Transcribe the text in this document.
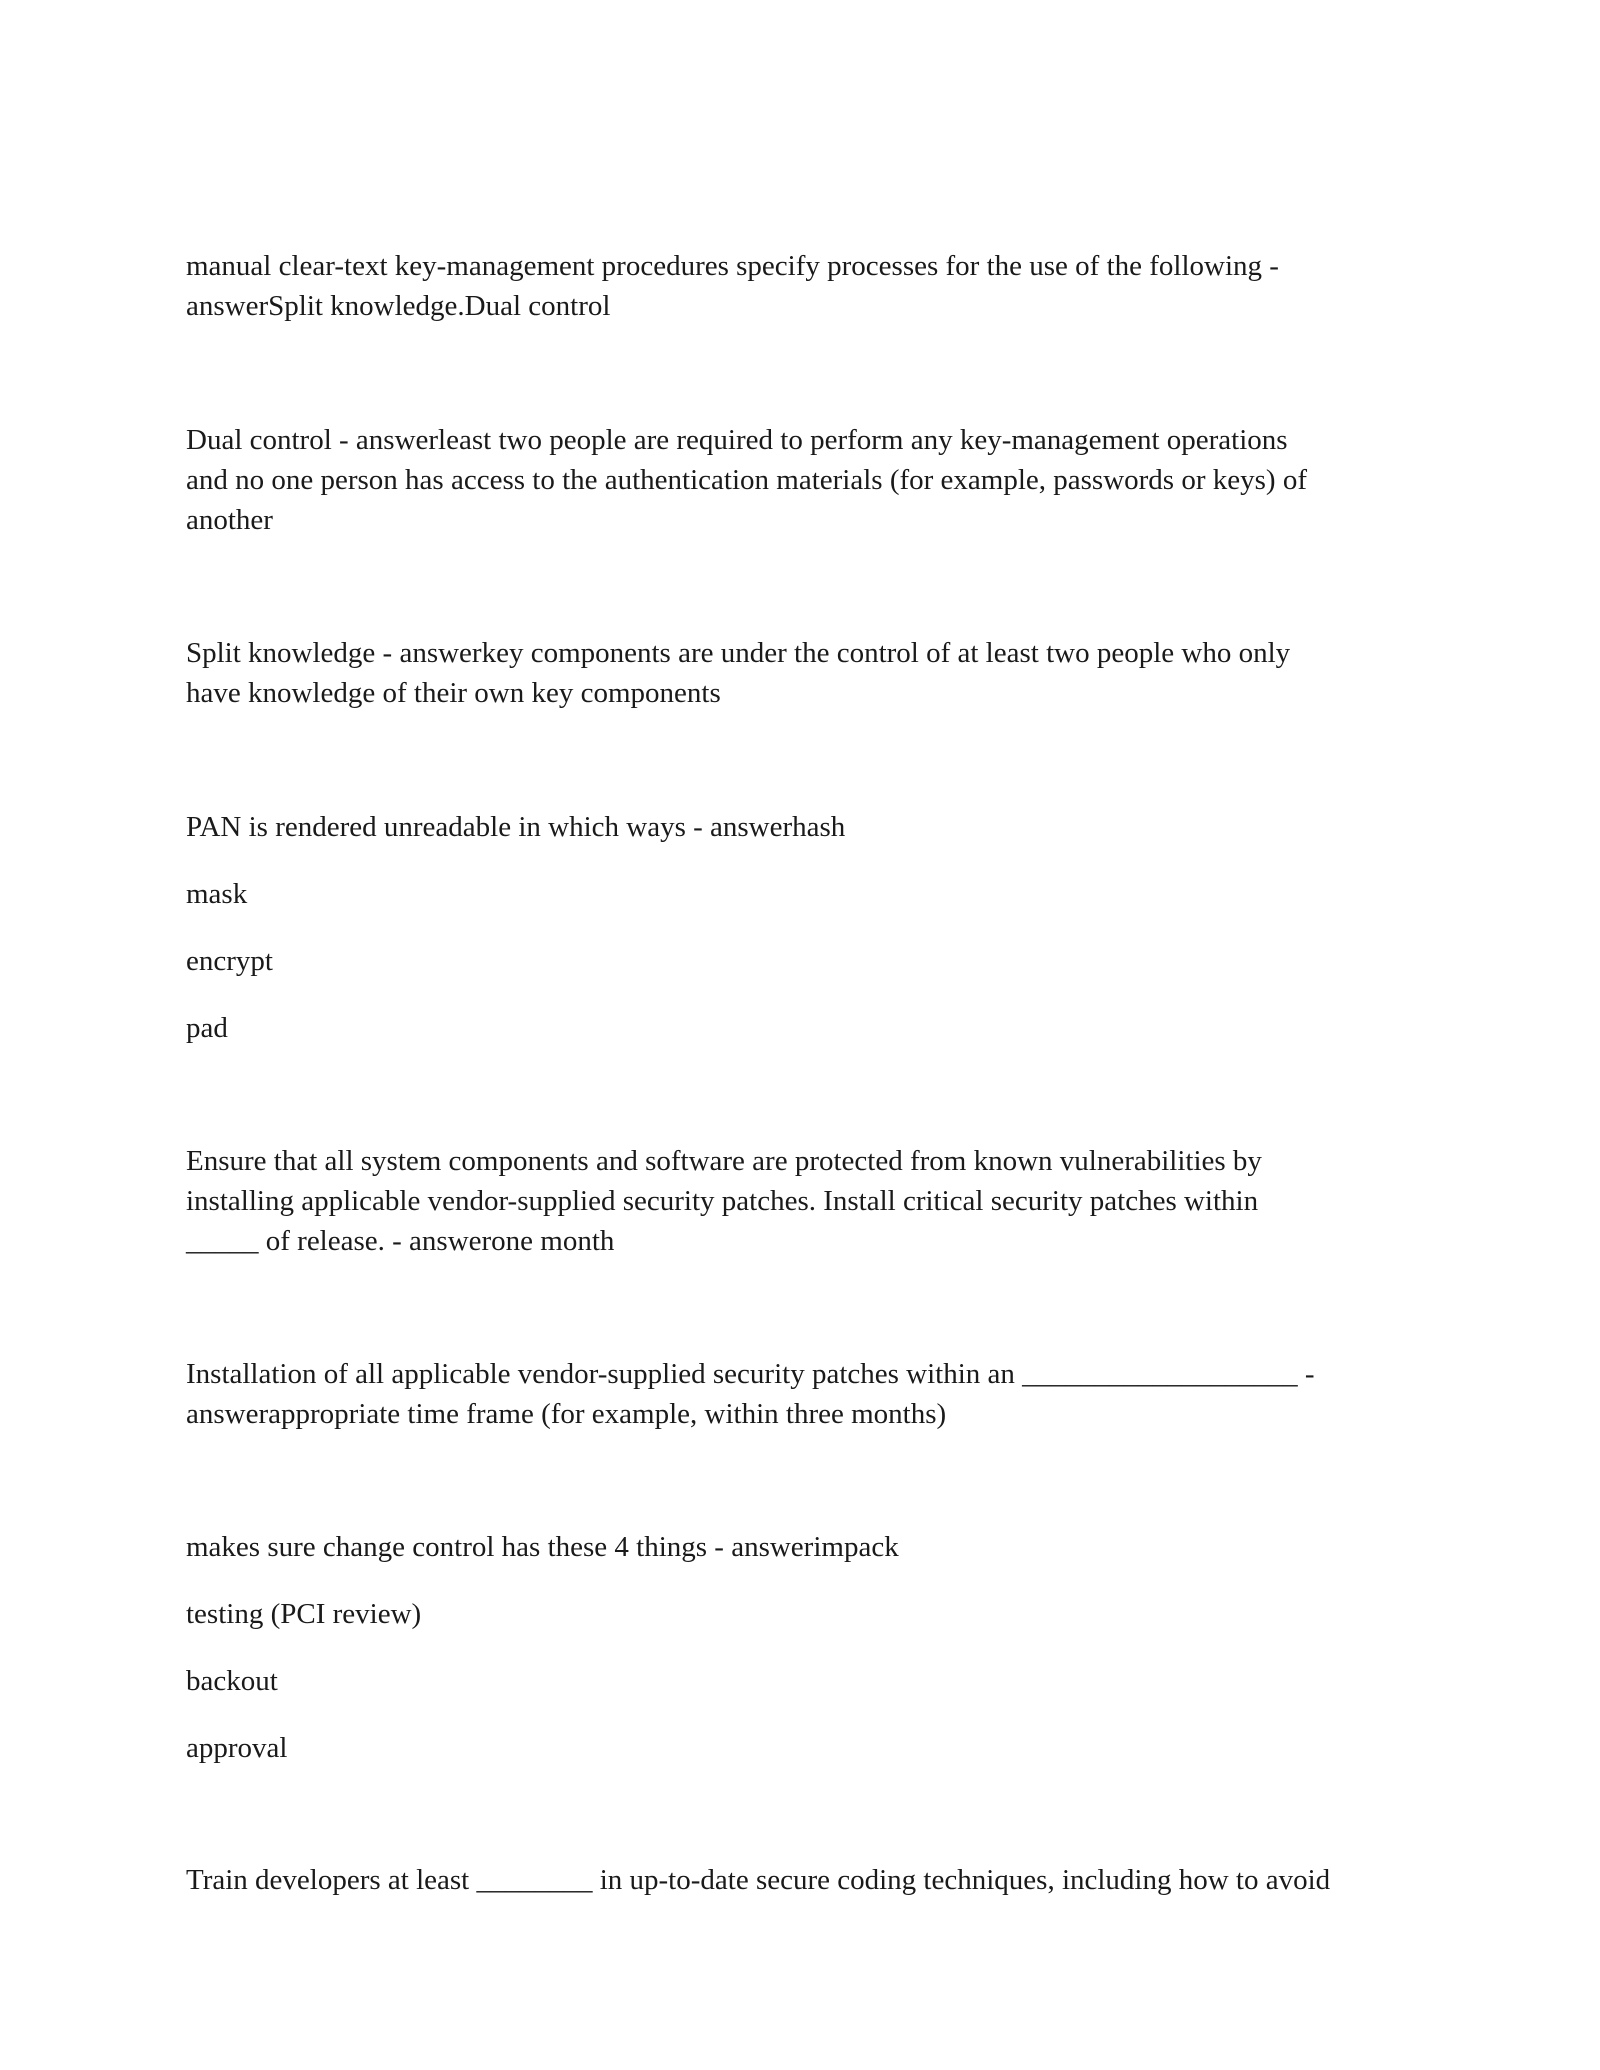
manual clear-text key-management procedures specify processes for the use of the following -
answerSplit knowledge.Dual control
Dual control - answerleast two people are required to perform any key-management operations
and no one person has access to the authentication materials (for example, passwords or keys) of
another
Split knowledge - answerkey components are under the control of at least two people who only
have knowledge of their own key components
PAN is rendered unreadable in which ways - answerhash
mask
encrypt
pad
Ensure that all system components and software are protected from known vulnerabilities by
installing applicable vendor-supplied security patches. Install critical security patches within
_____ of release. - answerone month
Installation of all applicable vendor-supplied security patches within an ___________________ -
answerappropriate time frame (for example, within three months)
makes sure change control has these 4 things - answerimpack
testing (PCI review)
backout
approval
Train developers at least ________ in up-to-date secure coding techniques, including how to avoid
